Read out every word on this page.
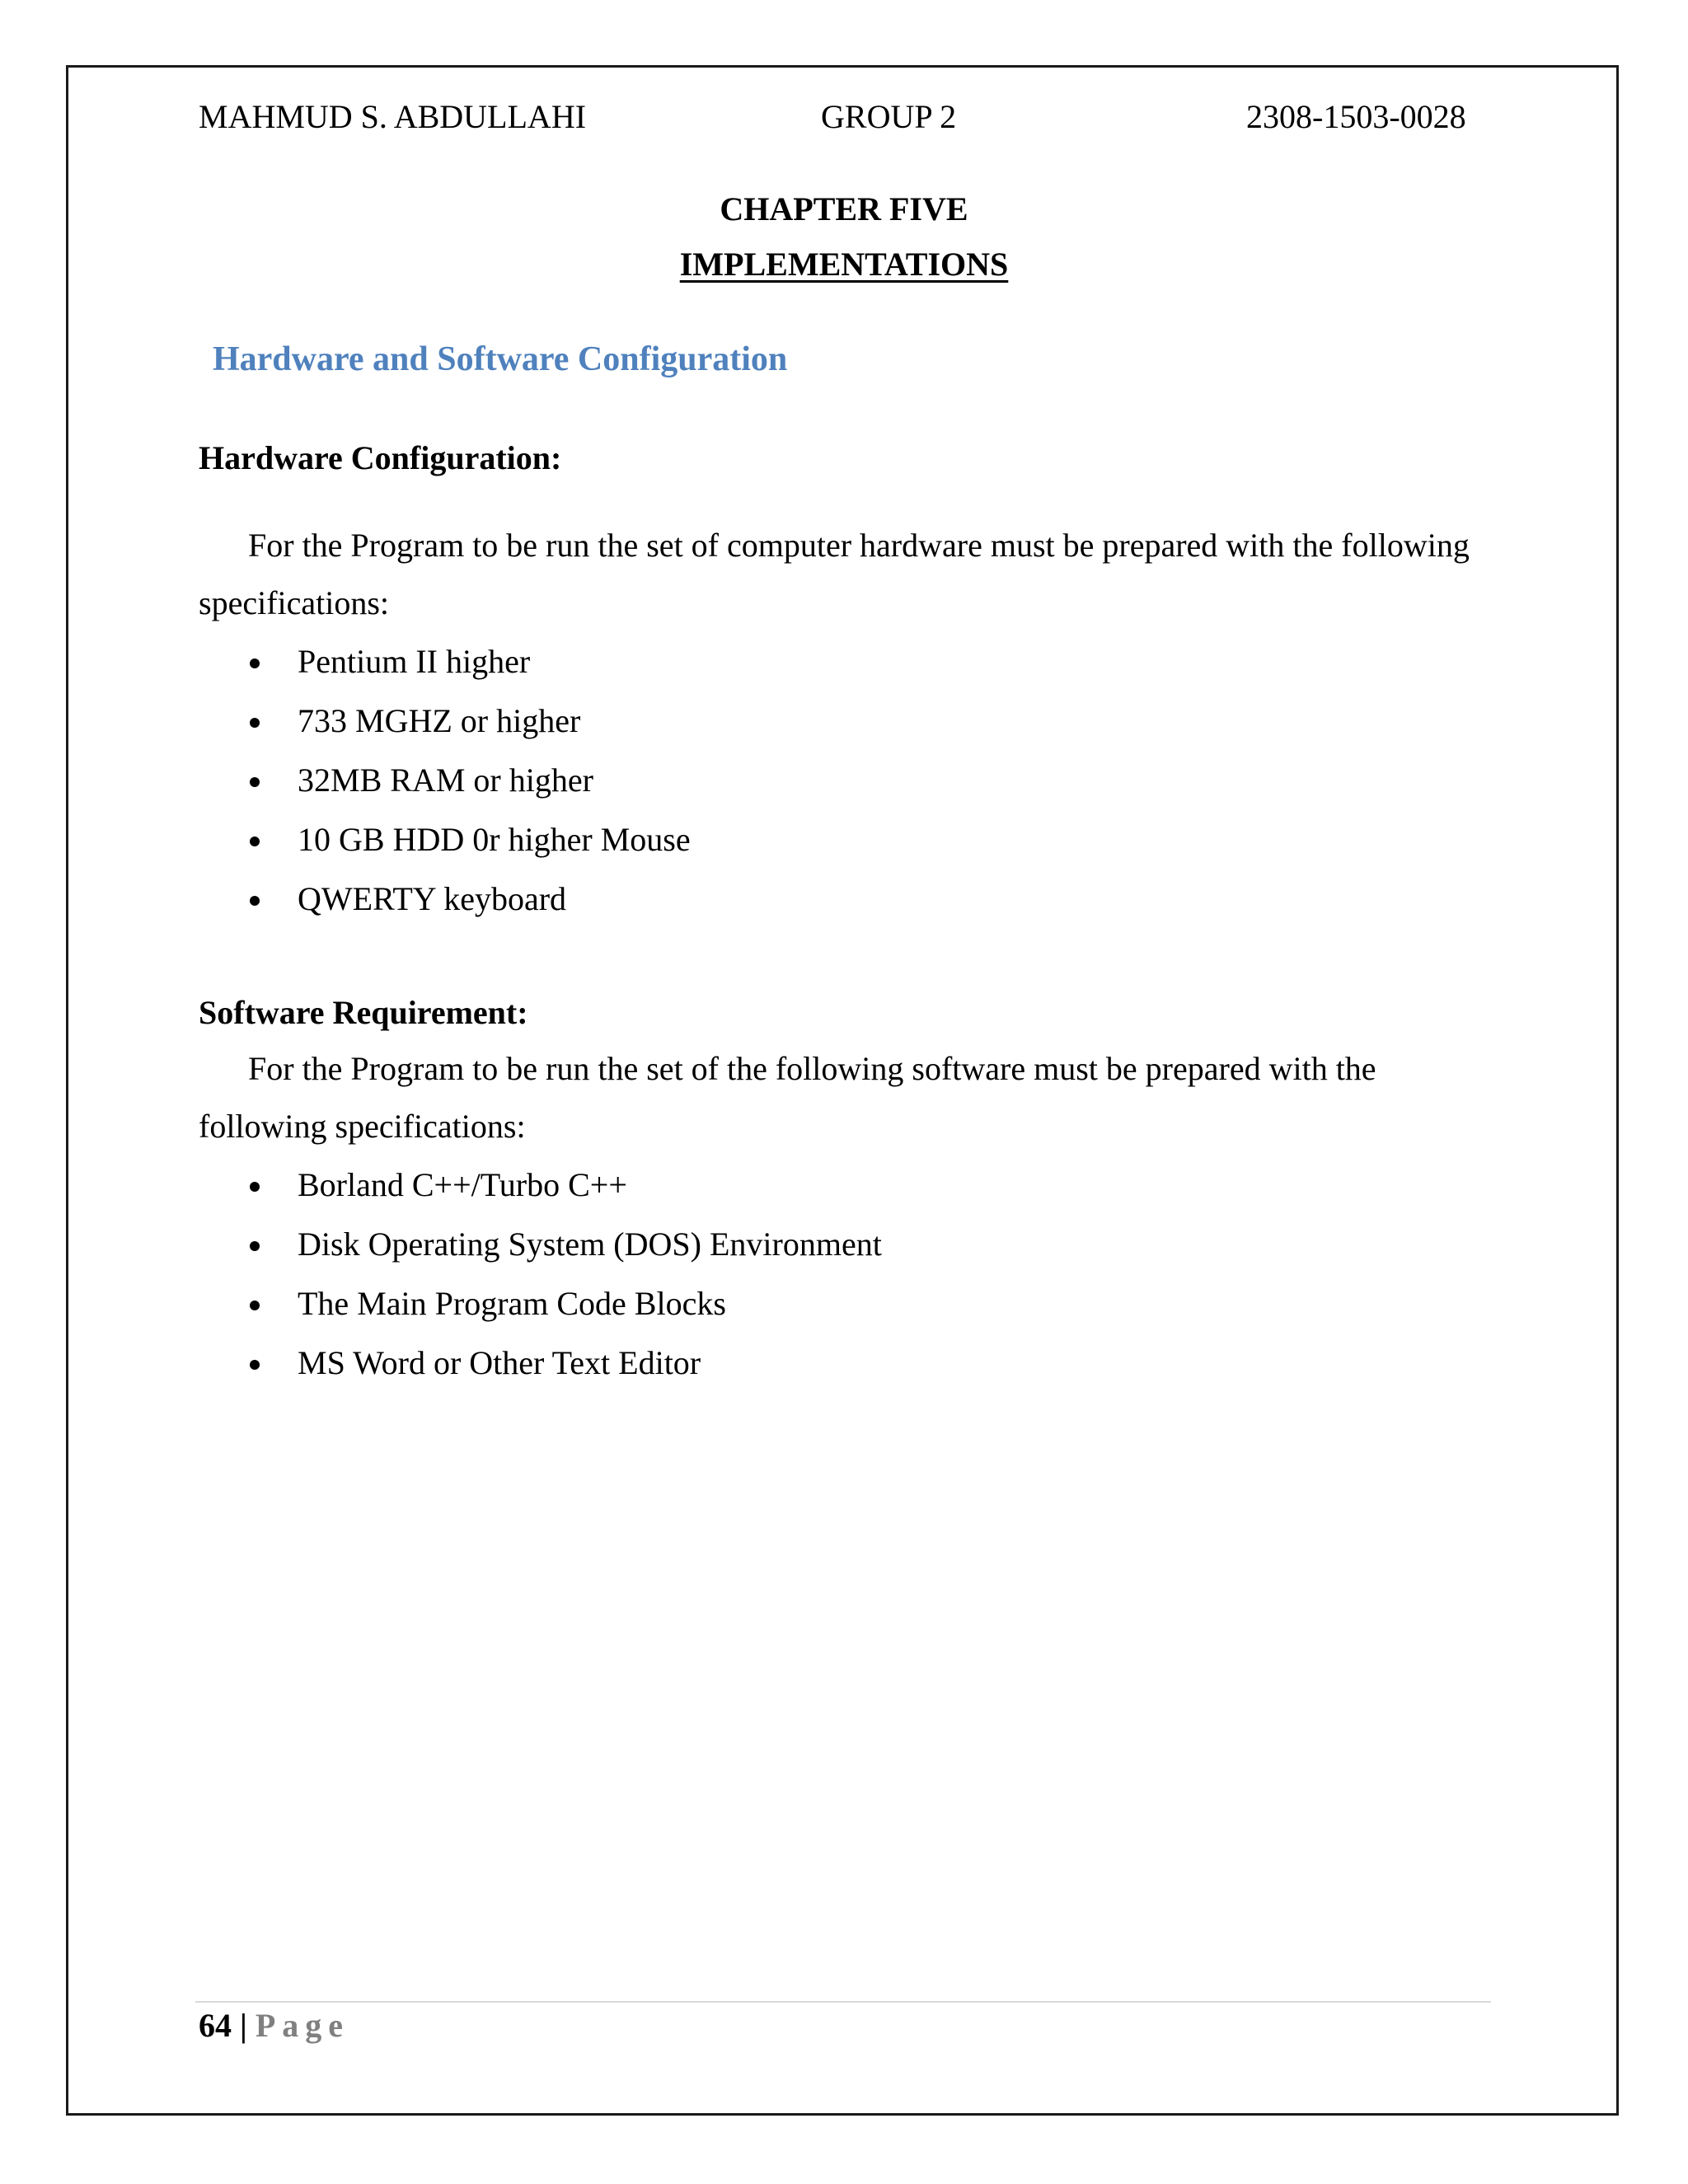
MAHMUD S. ABDULLAHI	GROUP 2	2308-1503-0028
CHAPTER FIVE
IMPLEMENTATIONS
Hardware and Software Configuration
Hardware Configuration:

For the Program to be run the set of computer hardware must be prepared with the following specifications:

Pentium II higher
733 MGHZ or higher
32MB RAM or higher
10 GB HDD 0r higher Mouse
QWERTY keyboard
Software Requirement:

For the Program to be run the set of the following software must be prepared with the following specifications:

Borland C++/Turbo C++
Disk Operating System (DOS) Environment
The Main Program Code Blocks
MS Word or Other Text Editor
64 | Page
